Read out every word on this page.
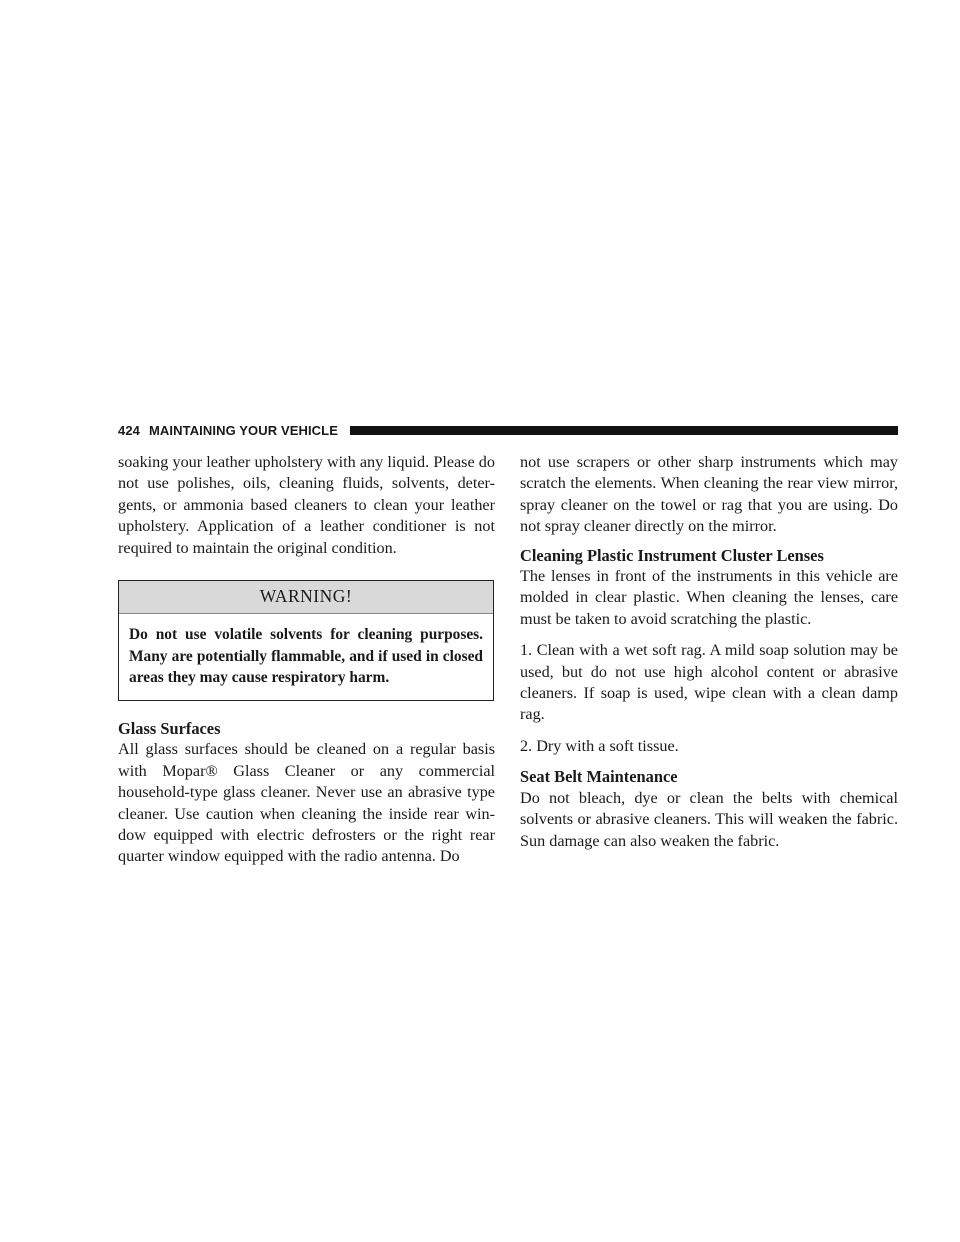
424 MAINTAINING YOUR VEHICLE

soaking your leather upholstery with any liquid. Please do not use polishes, oils, cleaning fluids, solvents, deter-gents, or ammonia based cleaners to clean your leather upholstery. Application of a leather conditioner is not required to maintain the original condition.

WARNING!
Do not use volatile solvents for cleaning purposes. Many are potentially flammable, and if used in closed areas they may cause respiratory harm.
Glass Surfaces

All glass surfaces should be cleaned on a regular basis with Mopar® Glass Cleaner or any commercial household-type glass cleaner. Never use an abrasive type cleaner. Use caution when cleaning the inside rear win-dow equipped with electric defrosters or the right rear quarter window equipped with the radio antenna. Do

not use scrapers or other sharp instruments which may scratch the elements. When cleaning the rear view mirror, spray cleaner on the towel or rag that you are using. Do not spray cleaner directly on the mirror.

Cleaning Plastic Instrument Cluster Lenses

The lenses in front of the instruments in this vehicle are molded in clear plastic. When cleaning the lenses, care must be taken to avoid scratching the plastic.

1. Clean with a wet soft rag. A mild soap solution may be used, but do not use high alcohol content or abrasive cleaners. If soap is used, wipe clean with a clean damp rag.

2. Dry with a soft tissue.

Seat Belt Maintenance

Do not bleach, dye or clean the belts with chemical solvents or abrasive cleaners. This will weaken the fabric. Sun damage can also weaken the fabric.
